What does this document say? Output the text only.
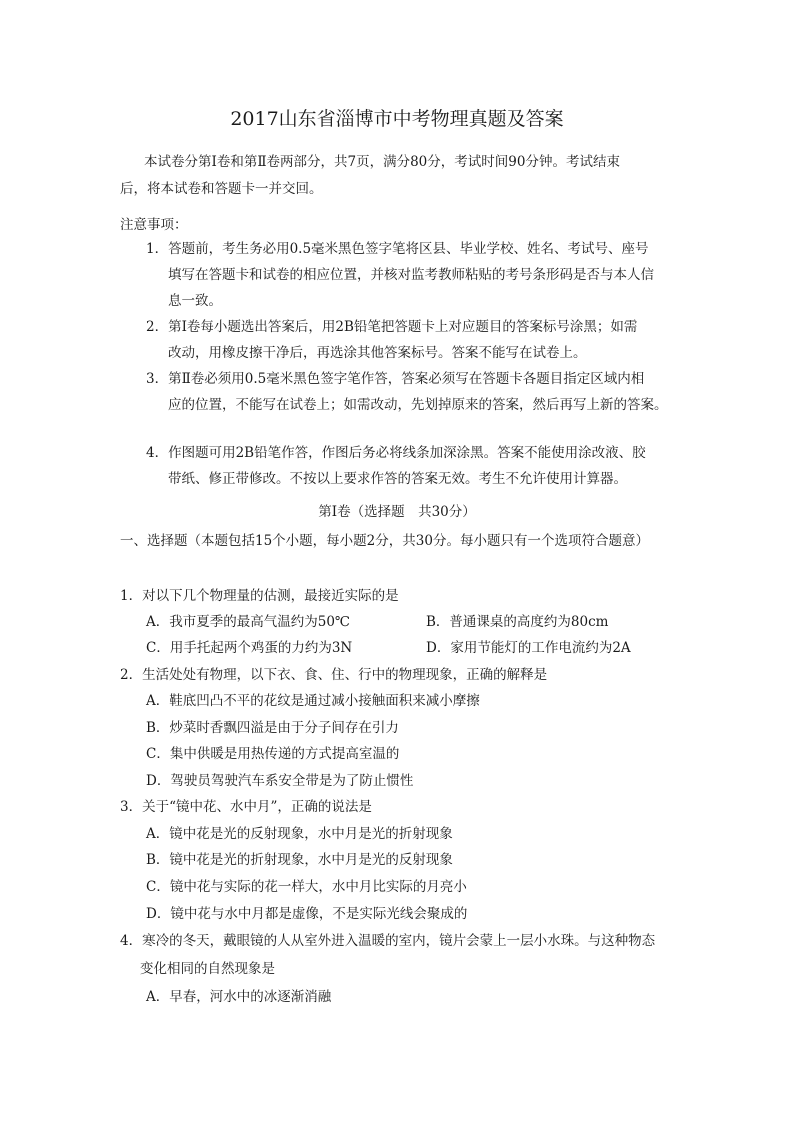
2017山东省淄博市中考物理真题及答案
本试卷分第Ⅰ卷和第Ⅱ卷两部分，共7页，满分80分，考试时间90分钟。考试结束
后，将本试卷和答题卡一并交回。
注意事项：
1．答题前，考生务必用0.5毫米黑色签字笔将区县、毕业学校、姓名、考试号、座号
填写在答题卡和试卷的相应位置，并核对监考教师粘贴的考号条形码是否与本人信
息一致。
2．第Ⅰ卷每小题选出答案后，用2B铅笔把答题卡上对应题目的答案标号涂黑；如需
改动，用橡皮擦干净后，再选涂其他答案标号。答案不能写在试卷上。
3．第Ⅱ卷必须用0.5毫米黑色签字笔作答，答案必须写在答题卡各题目指定区域内相
应的位置，不能写在试卷上；如需改动，先划掉原来的答案，然后再写上新的答案。
4．作图题可用2B铅笔作答，作图后务必将线条加深涂黑。答案不能使用涂改液、胶
带纸、修正带修改。不按以上要求作答的答案无效。考生不允许使用计算器。
第Ⅰ卷（选择题　共30分）
一、选择题（本题包括15个小题，每小题2分，共30分。每小题只有一个选项符合题意）
1．对以下几个物理量的估测，最接近实际的是
A．我市夏季的最高气温约为50℃	B．普通课桌的高度约为80cm
C．用手托起两个鸡蛋的力约为3N	D．家用节能灯的工作电流约为2A
2．生活处处有物理，以下衣、食、住、行中的物理现象，正确的解释是
A．鞋底凹凸不平的花纹是通过减小接触面积来减小摩擦
B．炒菜时香飘四溢是由于分子间存在引力
C．集中供暖是用热传递的方式提高室温的
D．驾驶员驾驶汽车系安全带是为了防止惯性
3．关于“镜中花、水中月”，正确的说法是
A．镜中花是光的反射现象，水中月是光的折射现象
B．镜中花是光的折射现象，水中月是光的反射现象
C．镜中花与实际的花一样大，水中月比实际的月亮小
D．镜中花与水中月都是虚像，不是实际光线会聚成的
4．寒冷的冬天，戴眼镜的人从室外进入温暖的室内，镜片会蒙上一层小水珠。与这种物态
变化相同的自然现象是
A．早春，河水中的冰逐渐消融
